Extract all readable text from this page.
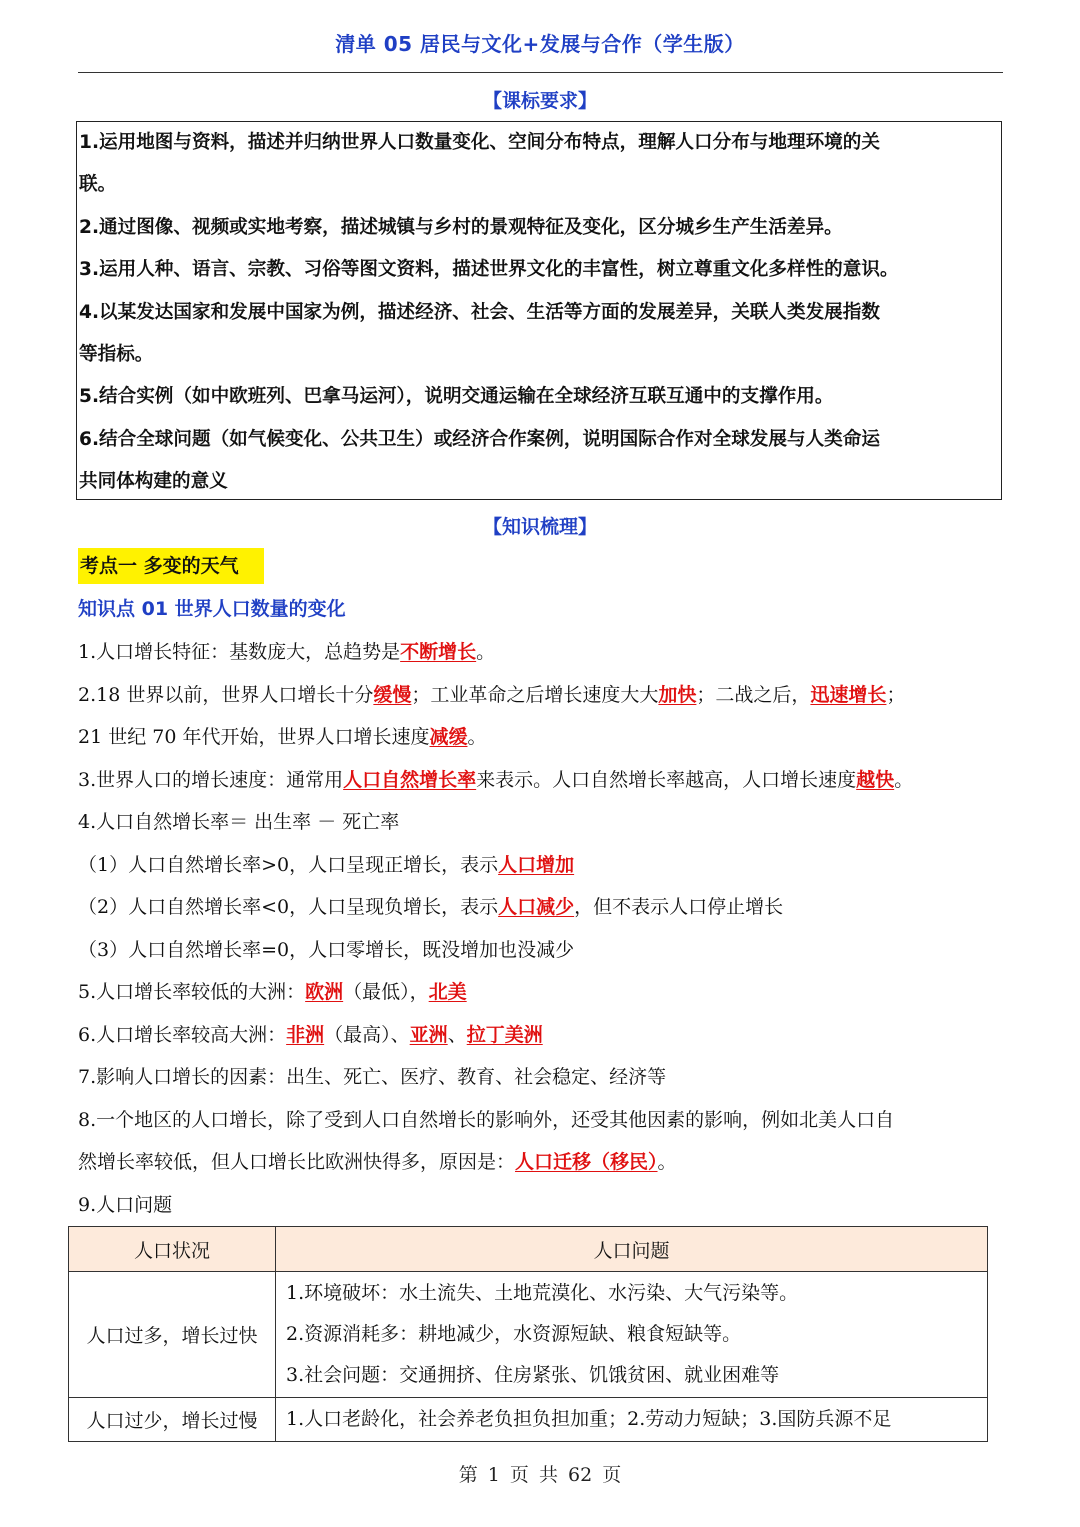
清单 05 居民与文化+发展与合作（学生版）
【课标要求】
1.运用地图与资料，描述并归纳世界人口数量变化、空间分布特点，理解人口分布与地理环境的关
联。
2.通过图像、视频或实地考察，描述城镇与乡村的景观特征及变化，区分城乡生产生活差异。
3.运用人种、语言、宗教、习俗等图文资料，描述世界文化的丰富性，树立尊重文化多样性的意识。
4.以某发达国家和发展中国家为例，描述经济、社会、生活等方面的发展差异，关联人类发展指数
等指标。
5.结合实例（如中欧班列、巴拿马运河），说明交通运输在全球经济互联互通中的支撑作用。
6.结合全球问题（如气候变化、公共卫生）或经济合作案例，说明国际合作对全球发展与人类命运
共同体构建的意义
【知识梳理】
考点一 多变的天气
知识点 01 世界人口数量的变化
1.人口增长特征：基数庞大，总趋势是不断增长。
2.18 世界以前，世界人口增长十分缓慢；工业革命之后增长速度大大加快；二战之后，迅速增长；
21 世纪 70 年代开始，世界人口增长速度减缓。
3.世界人口的增长速度：通常用人口自然增长率来表示。人口自然增长率越高，人口增长速度越快。
4.人口自然增长率＝ 出生率 － 死亡率
（1）人口自然增长率>0，人口呈现正增长，表示人口增加
（2）人口自然增长率<0，人口呈现负增长，表示人口减少，但不表示人口停止增长
（3）人口自然增长率=0，人口零增长，既没增加也没减少
5.人口增长率较低的大洲：欧洲（最低），北美
6.人口增长率较高大洲：非洲（最高）、亚洲、拉丁美洲
7.影响人口增长的因素：出生、死亡、医疗、教育、社会稳定、经济等
8.一个地区的人口增长，除了受到人口自然增长的影响外，还受其他因素的影响，例如北美人口自
然增长率较低，但人口增长比欧洲快得多，原因是：人口迁移（移民）。
9.人口问题
人口状况	人口问题
人口过多，增长过快	1.环境破坏：水土流失、土地荒漠化、水污染、大气污染等。
2.资源消耗多：耕地减少，水资源短缺、粮食短缺等。
3.社会问题：交通拥挤、住房紧张、饥饿贫困、就业困难等

人口过少，增长过慢	1.人口老龄化，社会养老负担负担加重；2.劳动力短缺；3.国防兵源不足
第 1 页 共 62 页
